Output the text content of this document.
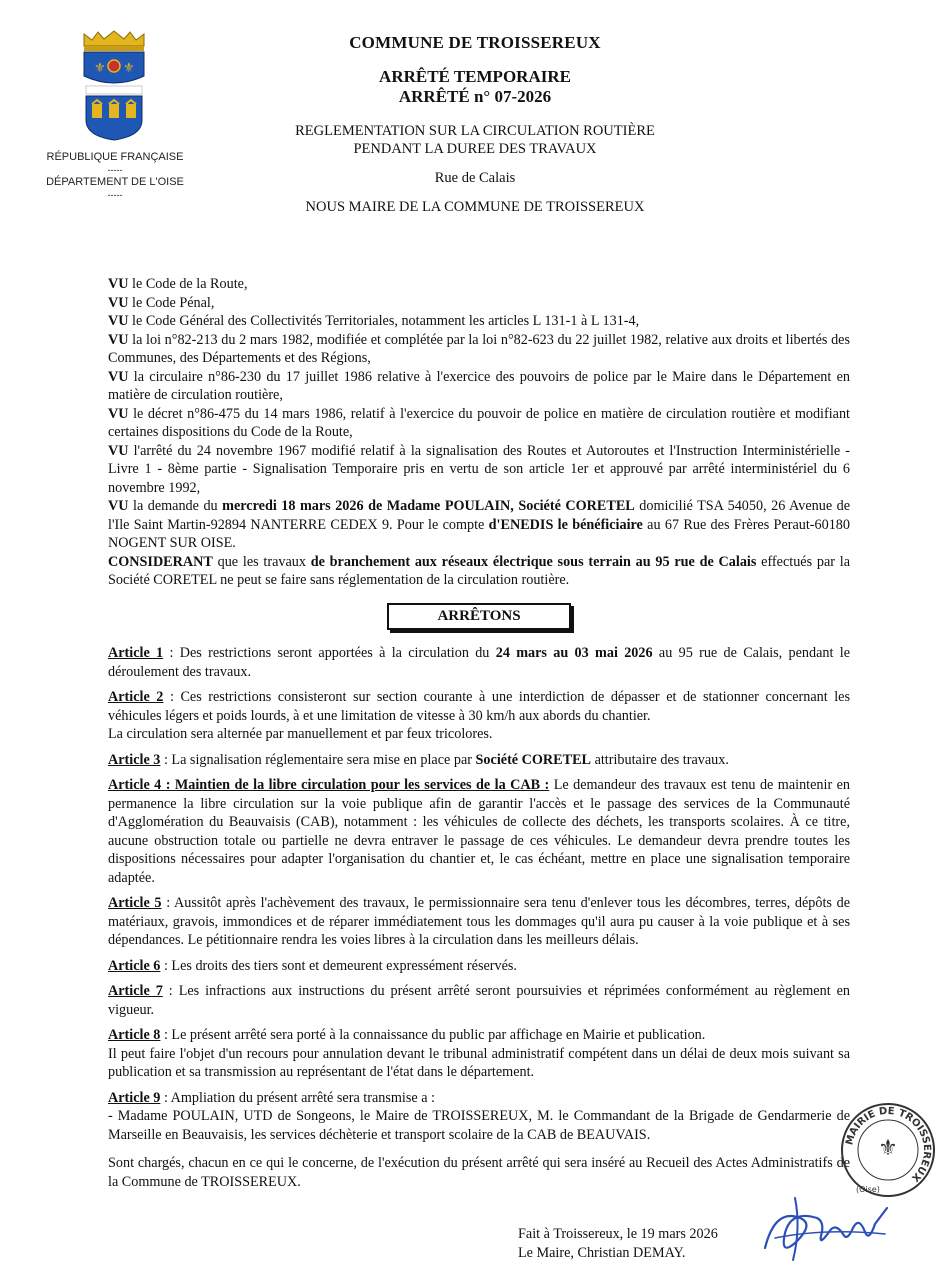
⚜ ⚜
RÉPUBLIQUE FRANÇAISE
-----
DÉPARTEMENT DE L'OISE
-----
COMMUNE DE TROISSEREUX
ARRÊTÉ TEMPORAIRE
ARRÊTÉ n° 07-2026
REGLEMENTATION SUR LA CIRCULATION ROUTIÈRE
PENDANT LA DUREE DES TRAVAUX
Rue de Calais
NOUS MAIRE DE LA COMMUNE DE TROISSEREUX

VU le Code de la Route,

VU le Code Pénal,

VU le Code Général des Collectivités Territoriales, notamment les articles L 131-1 à L 131-4,

VU la loi n°82-213 du 2 mars 1982, modifiée et complétée par la loi n°82-623 du 22 juillet 1982, relative aux droits et libertés des Communes, des Départements et des Régions,

VU la circulaire n°86-230 du 17 juillet 1986 relative à l'exercice des pouvoirs de police par le Maire dans le Département en matière de circulation routière,

VU le décret n°86-475 du 14 mars 1986, relatif à l'exercice du pouvoir de police en matière de circulation routière et modifiant certaines dispositions du Code de la Route,

VU l'arrêté du 24 novembre 1967 modifié relatif à la signalisation des Routes et Autoroutes et l'Instruction Interministérielle - Livre 1 - 8ème partie - Signalisation Temporaire pris en vertu de son article 1er et approuvé par arrêté interministériel du 6 novembre 1992,

VU la demande du mercredi 18 mars 2026 de Madame POULAIN, Société CORETEL domicilié TSA 54050, 26 Avenue de l'Ile Saint Martin-92894 NANTERRE CEDEX 9. Pour le compte d'ENEDIS le bénéficiaire au 67 Rue des Frères Peraut-60180 NOGENT SUR OISE.

CONSIDERANT que les travaux de branchement aux réseaux électrique sous terrain au 95 rue de Calais effectués par la Société CORETEL ne peut se faire sans réglementation de la circulation routière.

ARRÊTONS

Article 1 : Des restrictions seront apportées à la circulation du 24 mars au 03 mai 2026 au 95 rue de Calais, pendant le déroulement des travaux.

Article 2 : Ces restrictions consisteront sur section courante à une interdiction de dépasser et de stationner concernant les véhicules légers et poids lourds, à et une limitation de vitesse à 30 km/h aux abords du chantier.

La circulation sera alternée par manuellement et par feux tricolores.

Article 3 : La signalisation réglementaire sera mise en place par Société CORETEL attributaire des travaux.

Article 4 : Maintien de la libre circulation pour les services de la CAB : Le demandeur des travaux est tenu de maintenir en permanence la libre circulation sur la voie publique afin de garantir l'accès et le passage des services de la Communauté d'Agglomération du Beauvaisis (CAB), notamment : les véhicules de collecte des déchets, les transports scolaires. À ce titre, aucune obstruction totale ou partielle ne devra entraver le passage de ces véhicules. Le demandeur devra prendre toutes les dispositions nécessaires pour adapter l'organisation du chantier et, le cas échéant, mettre en place une signalisation temporaire adaptée.

Article 5 : Aussitôt après l'achèvement des travaux, le permissionnaire sera tenu d'enlever tous les décombres, terres, dépôts de matériaux, gravois, immondices et de réparer immédiatement tous les dommages qu'il aura pu causer à la voie publique et à ses dépendances. Le pétitionnaire rendra les voies libres à la circulation dans les meilleurs délais.

Article 6 : Les droits des tiers sont et demeurent expressément réservés.

Article 7 : Les infractions aux instructions du présent arrêté seront poursuivies et réprimées conformément au règlement en vigueur.

Article 8 : Le présent arrêté sera porté à la connaissance du public par affichage en Mairie et publication.

Il peut faire l'objet d'un recours pour annulation devant le tribunal administratif compétent dans un délai de deux mois suivant sa publication et sa transmission au représentant de l'état dans le département.

Article 9 : Ampliation du présent arrêté sera transmise a :

- Madame POULAIN, UTD de Songeons, le Maire de TROISSEREUX, M. le Commandant de la Brigade de Gendarmerie de Marseille en Beauvaisis, les services déchèterie et transport scolaire de la CAB de BEAUVAIS.

Sont chargés, chacun en ce qui le concerne, de l'exécution du présent arrêté qui sera inséré au Recueil des Actes Administratifs de la Commune de TROISSEREUX.

Fait à Troissereux, le 19 mars 2026
Le Maire, Christian DEMAY.
MAIRIE DE TROISSEREUX
⚜
(Oise)
